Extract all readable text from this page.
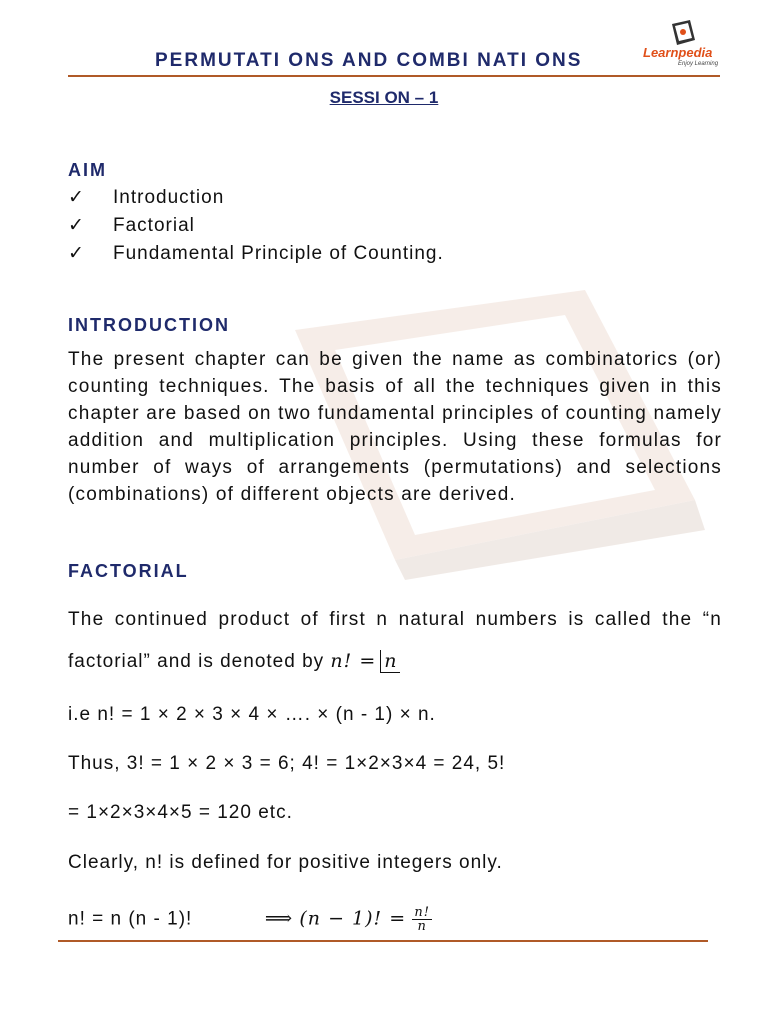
PERMUTATI ONS AND COMBI NATI ONS	Learnpedia
Enjoy Learning
SESSI ON – 1
AIM
✓ Introduction
✓ Factorial
✓ Fundamental Principle of Counting.
INTRODUCTION
The present chapter can be given the name as combinatorics (or) counting techniques. The basis of all the techniques given in this chapter are based on two fundamental principles of counting namely addition and multiplication principles. Using these formulas for number of ways of arrangements (permutations) and selections (combinations) of different objects are derived.
FACTORIAL
The continued product of first n natural numbers is called the “n
factorial” and is denoted by n! = n
i.e n! = 1 × 2 × 3 × 4 × …. × (n - 1) × n.
Thus, 3! = 1 × 2 × 3 = 6; 4! = 1×2×3×4 = 24, 5!
= 1×2×3×4×5 = 120 etc.
Clearly, n! is defined for positive integers only.
n! = n (n - 1)!	⟹ (n − 1)! = $\frac{n!}{n}$
